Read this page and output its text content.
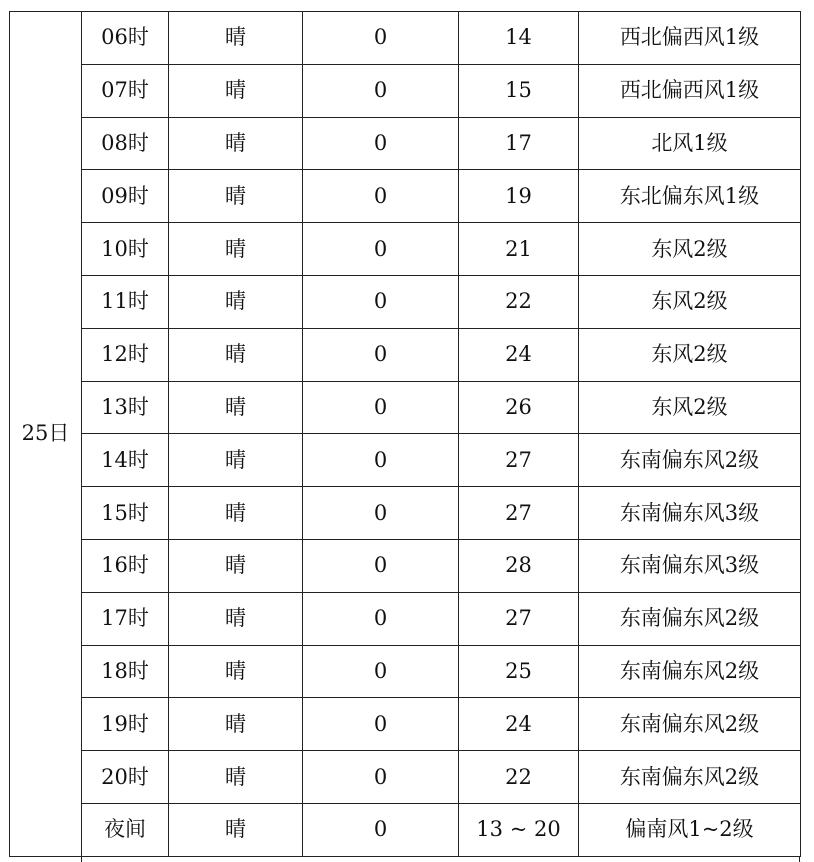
25日	06时	晴	0	14	西北偏西风1级
	07时	晴	0	15	西北偏西风1级
	08时	晴	0	17	北风1级
	09时	晴	0	19	东北偏东风1级
	10时	晴	0	21	东风2级
	11时	晴	0	22	东风2级
	12时	晴	0	24	东风2级
	13时	晴	0	26	东风2级
	14时	晴	0	27	东南偏东风2级
	15时	晴	0	27	东南偏东风3级
	16时	晴	0	28	东南偏东风3级
	17时	晴	0	27	东南偏东风2级
	18时	晴	0	25	东南偏东风2级
	19时	晴	0	24	东南偏东风2级
	20时	晴	0	22	东南偏东风2级
	夜间	晴	0	13 ~ 20	偏南风1~2级
